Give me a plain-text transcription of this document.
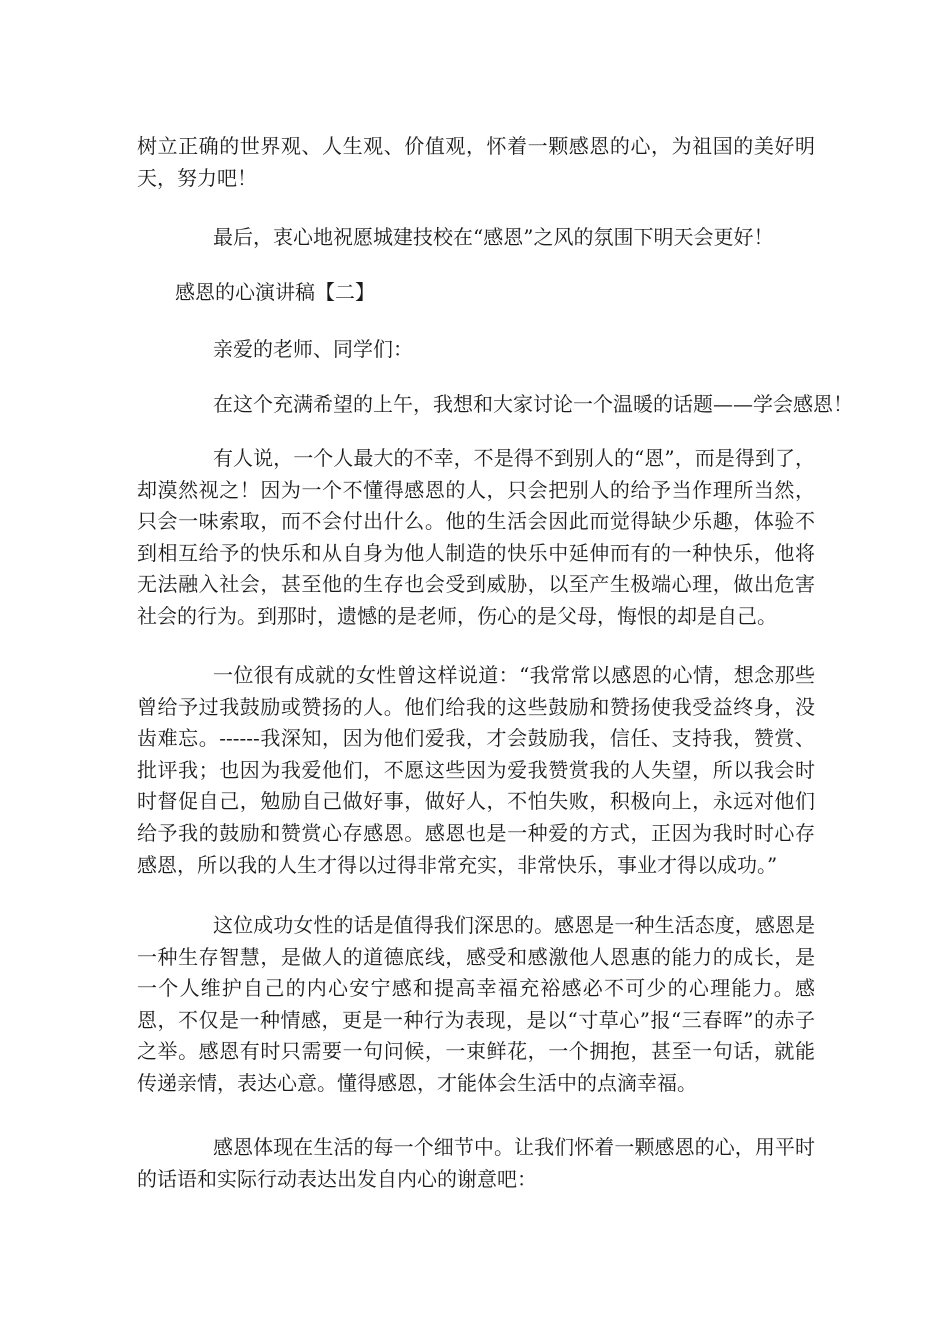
树立正确的世界观、人生观、价值观，怀着一颗感恩的心，为祖国的美好明天，努力吧！

最后，衷心地祝愿城建技校在“感恩”之风的氛围下明天会更好！

感恩的心演讲稿【二】

亲爱的老师、同学们：

在这个充满希望的上午，我想和大家讨论一个温暖的话题——学会感恩！

有人说，一个人最大的不幸，不是得不到别人的“恩”，而是得到了，却漠然视之！因为一个不懂得感恩的人，只会把别人的给予当作理所当然，只会一味索取，而不会付出什么。他的生活会因此而觉得缺少乐趣，体验不到相互给予的快乐和从自身为他人制造的快乐中延伸而有的一种快乐，他将无法融入社会，甚至他的生存也会受到威胁，以至产生极端心理，做出危害社会的行为。到那时，遗憾的是老师，伤心的是父母，悔恨的却是自己。

一位很有成就的女性曾这样说道：“我常常以感恩的心情，想念那些曾给予过我鼓励或赞扬的人。他们给我的这些鼓励和赞扬使我受益终身，没齿难忘。------我深知，因为他们爱我，才会鼓励我，信任、支持我，赞赏、批评我；也因为我爱他们，不愿这些因为爱我赞赏我的人失望，所以我会时时督促自己，勉励自己做好事，做好人，不怕失败，积极向上，永远对他们给予我的鼓励和赞赏心存感恩。感恩也是一种爱的方式，正因为我时时心存感恩，所以我的人生才得以过得非常充实，非常快乐，事业才得以成功。”

这位成功女性的话是值得我们深思的。感恩是一种生活态度，感恩是一种生存智慧，是做人的道德底线，感受和感激他人恩惠的能力的成长，是一个人维护自己的内心安宁感和提高幸福充裕感必不可少的心理能力。感恩，不仅是一种情感，更是一种行为表现，是以“寸草心”报“三春晖”的赤子之举。感恩有时只需要一句问候，一束鲜花，一个拥抱，甚至一句话，就能传递亲情，表达心意。懂得感恩，才能体会生活中的点滴幸福。

感恩体现在生活的每一个细节中。让我们怀着一颗感恩的心，用平时的话语和实际行动表达出发自内心的谢意吧：
